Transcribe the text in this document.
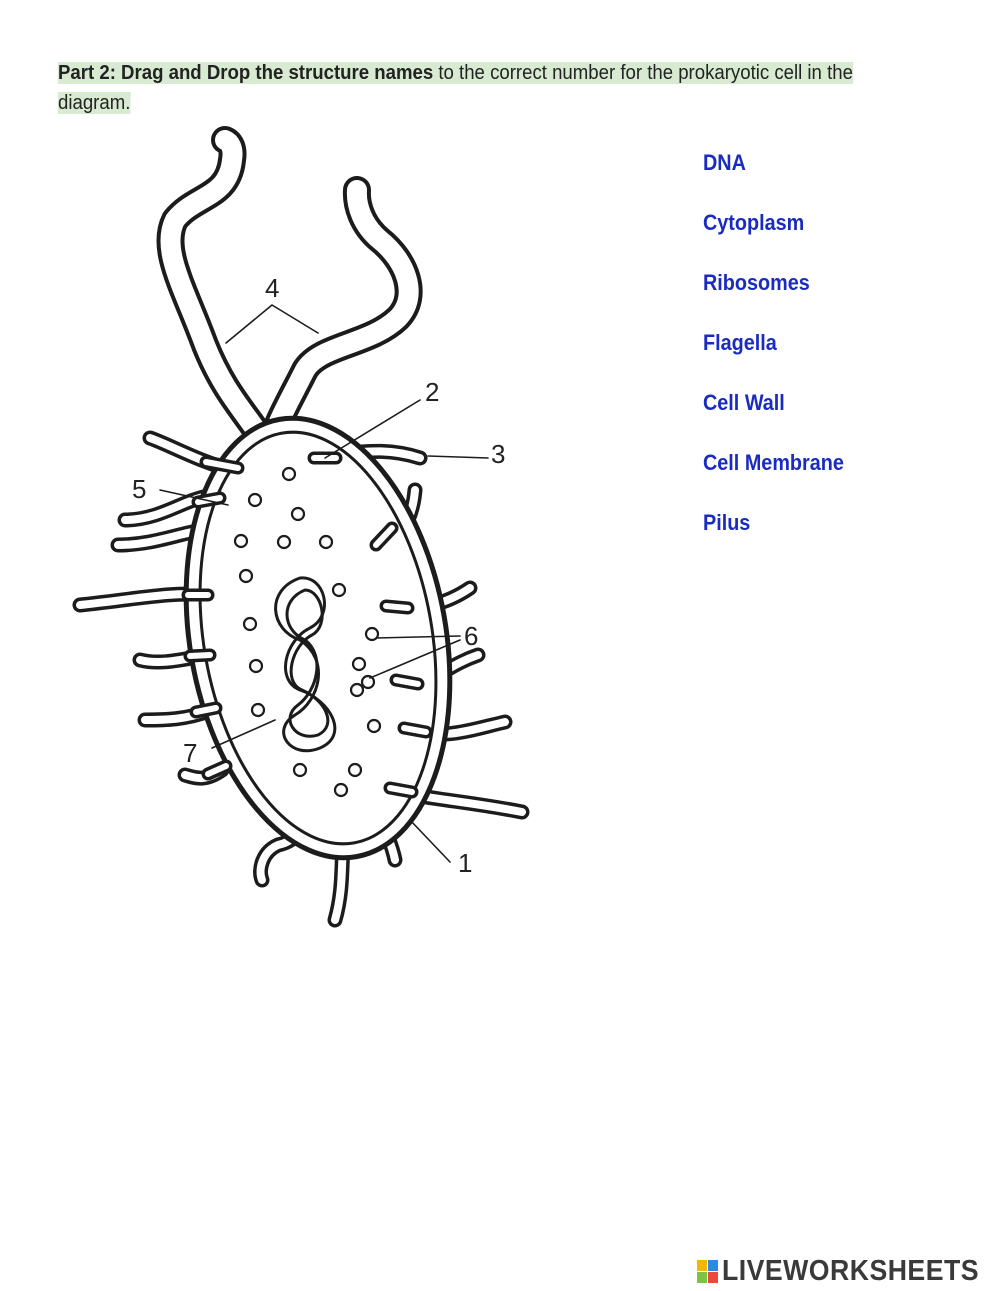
Part 2: Drag and Drop the structure names to the correct number for the prokaryotic cell in the diagram.
4
2
3
5
6
7
1
DNA
Cytoplasm
Ribosomes
Flagella
Cell Wall
Cell Membrane
Pilus
LIVEWORKSHEETS
